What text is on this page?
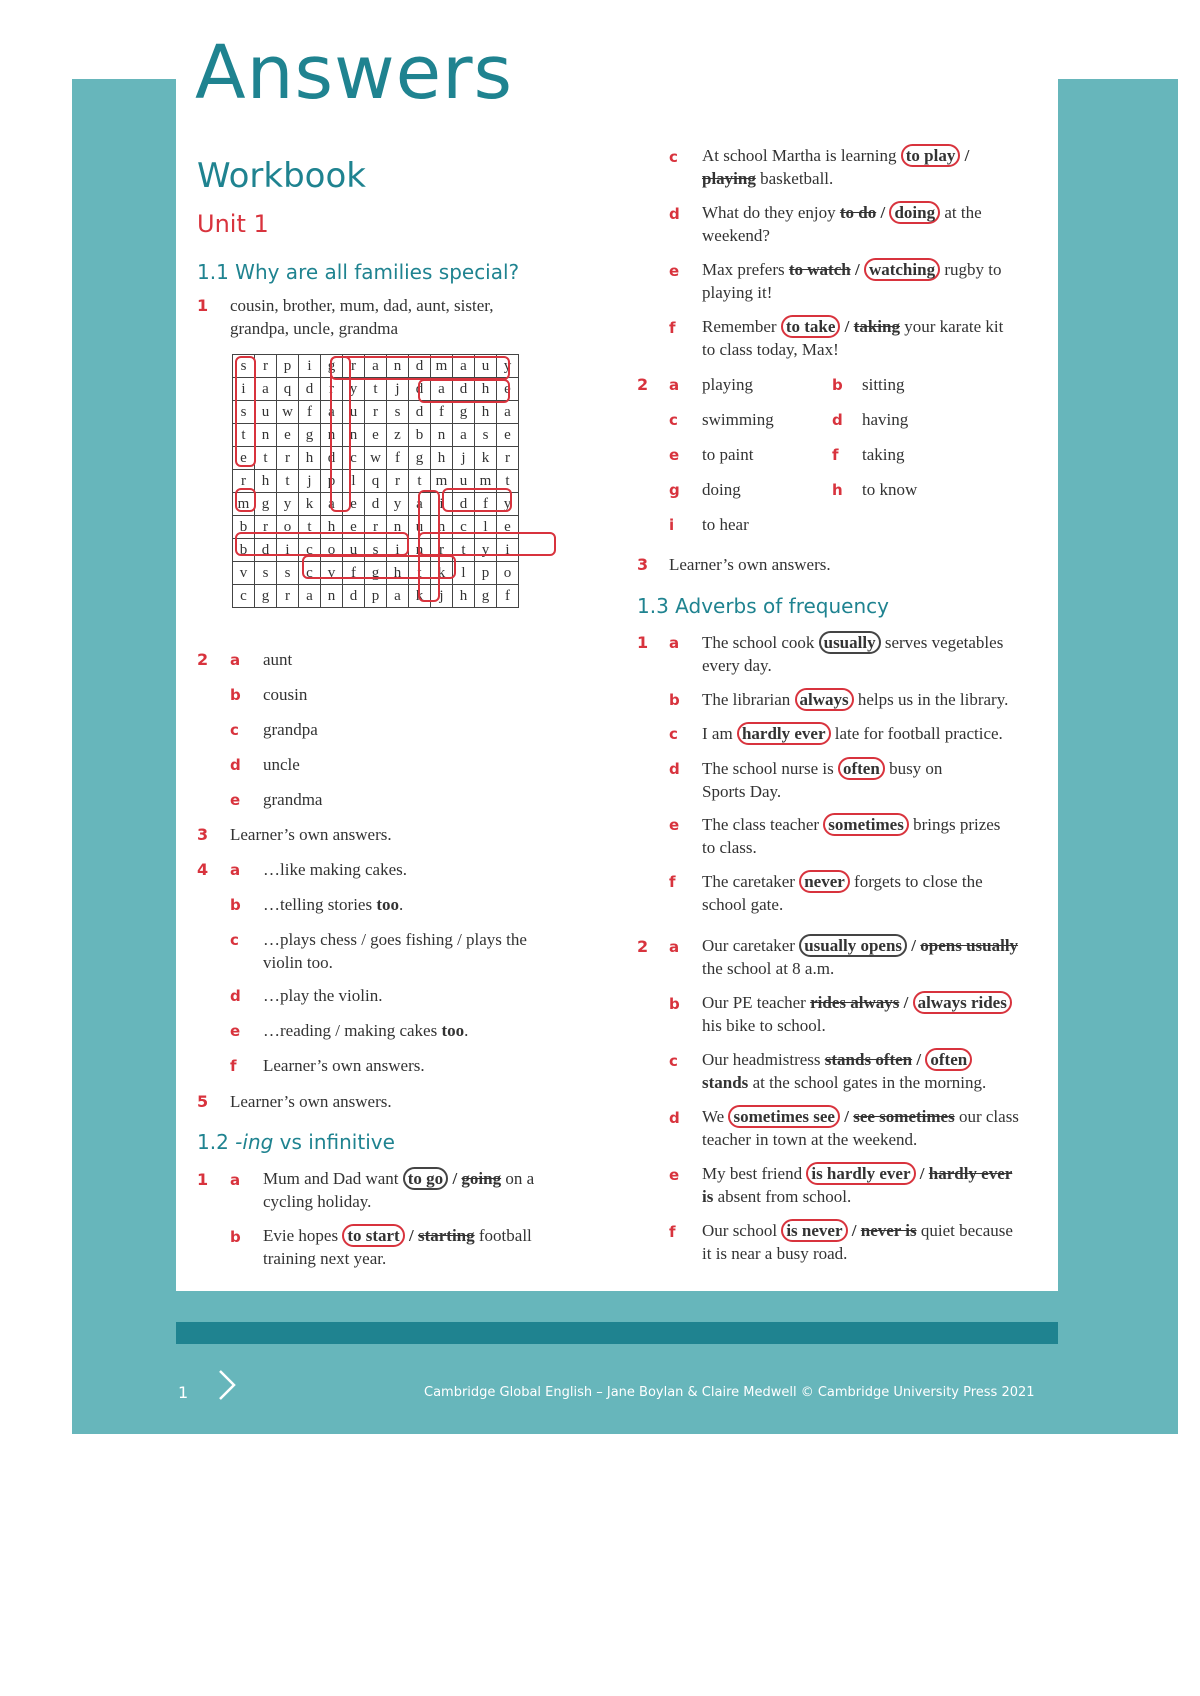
Answers
Workbook
Unit 1
1.1 Why are all families special?
1 cousin, brother, mum, dad, aunt, sister,
grandpa, uncle, grandma
s	r	p	i	g	r	a	n	d	m	a	u	y
i	a	q	d	r	y	t	j	d	a	d	h	e
s	u	w	f	a	u	r	s	d	f	g	h	a
t	n	e	g	n	n	e	z	b	n	a	s	e
e	t	r	h	d	c	w	f	g	h	j	k	r
r	h	t	j	p	l	q	r	t	m	u	m	t
m	g	y	k	a	e	d	y	a	i	d	f	y
b	r	o	t	h	e	r	n	u	n	c	l	e
b	d	i	c	o	u	s	i	n	r	t	y	i
v	s	s	c	v	f	g	h	t	k	l	p	o
c	g	r	a	n	d	p	a	k	j	h	g	f
2 a aunt
b cousin
c grandpa
d uncle
e grandma
3 Learner’s own answers.
4 a …like making cakes.
b …telling stories too.
c …plays chess / goes fishing / plays the
violin too.
d …play the violin.
e …reading / making cakes too.
f Learner’s own answers.
5 Learner’s own answers.
1.2 -ing vs infinitive
1 a Mum and Dad want to go / going on a
cycling holiday.
b Evie hopes to start / starting football
training next year.
c At school Martha is learning to play /
playing basketball.
d What do they enjoy to do / doing at the
weekend?
e Max prefers to watch / watching rugby to
playing it!
f Remember to take / taking your karate kit
to class today, Max!
2 a playing	b sitting
c swimming	d having
e to paint	f taking
g doing	h to know
i to hear
3 Learner’s own answers.
1.3 Adverbs of frequency
1 a The school cook usually serves vegetables
every day.
b The librarian always helps us in the library.
c I am hardly ever late for football practice.
d The school nurse is often busy on
Sports Day.
e The class teacher sometimes brings prizes
to class.
f The caretaker never forgets to close the
school gate.
2 a Our caretaker usually opens / opens usually
the school at 8 a.m.
b Our PE teacher rides always / always rides
his bike to school.
c Our headmistress stands often / often
stands at the school gates in the morning.
d We sometimes see / see sometimes our class
teacher in town at the weekend.
e My best friend is hardly ever / hardly ever
is absent from school.
f Our school is never / never is quiet because
it is near a busy road.
1	Cambridge Global English – Jane Boylan & Claire Medwell © Cambridge University Press 2021
